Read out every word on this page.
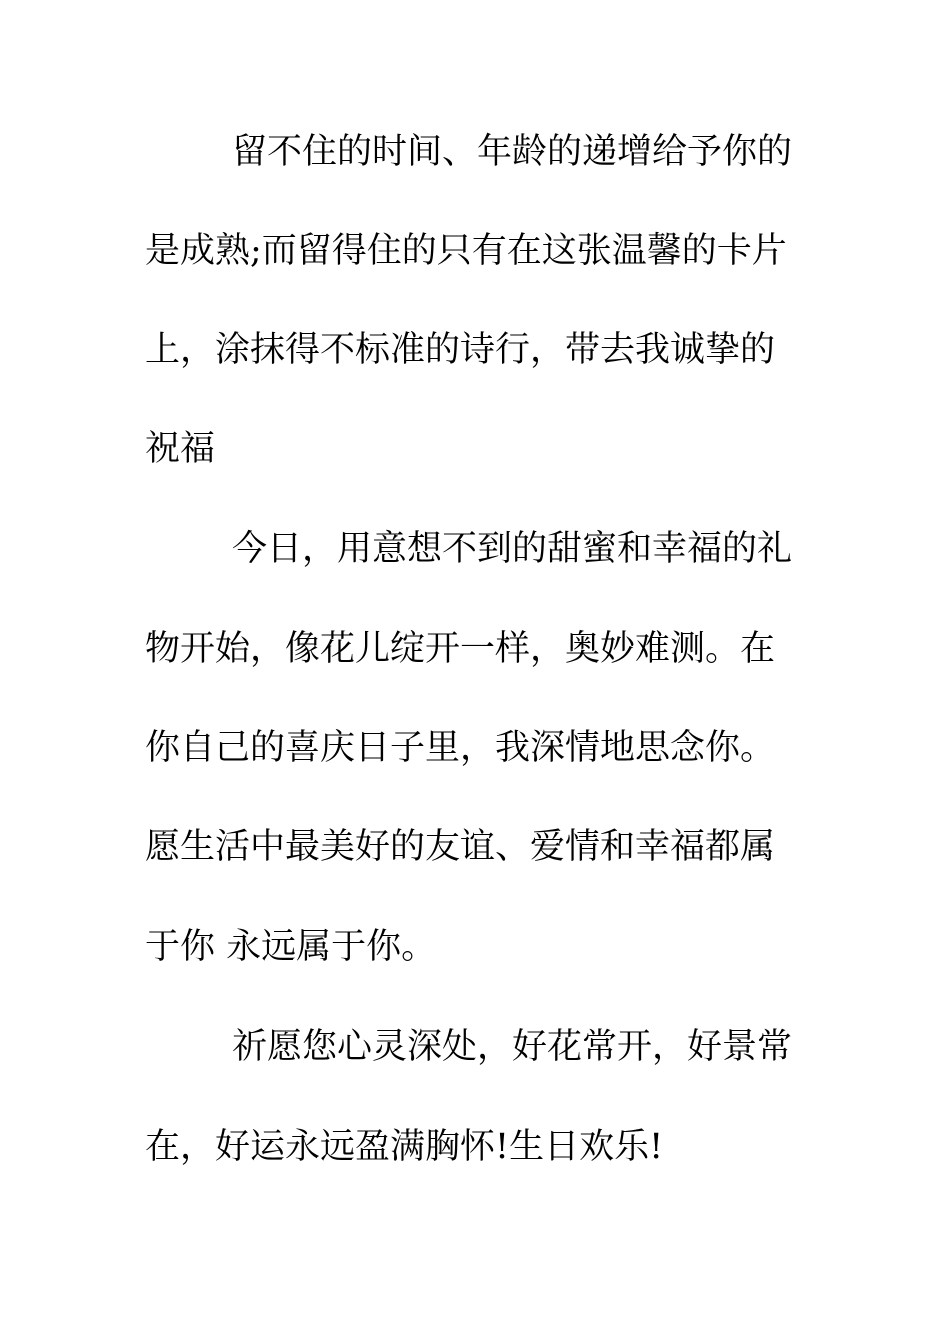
留不住的时间、年龄的递增给予你的
是成熟;而留得住的只有在这张温馨的卡片
上，涂抹得不标准的诗行，带去我诚挚的
祝福
今日，用意想不到的甜蜜和幸福的礼
物开始，像花儿绽开一样，奥妙难测。在
你自己的喜庆日子里，我深情地思念你。
愿生活中最美好的友谊、爱情和幸福都属
于你 永远属于你。
祈愿您心灵深处，好花常开，好景常
在，好运永远盈满胸怀!生日欢乐!
